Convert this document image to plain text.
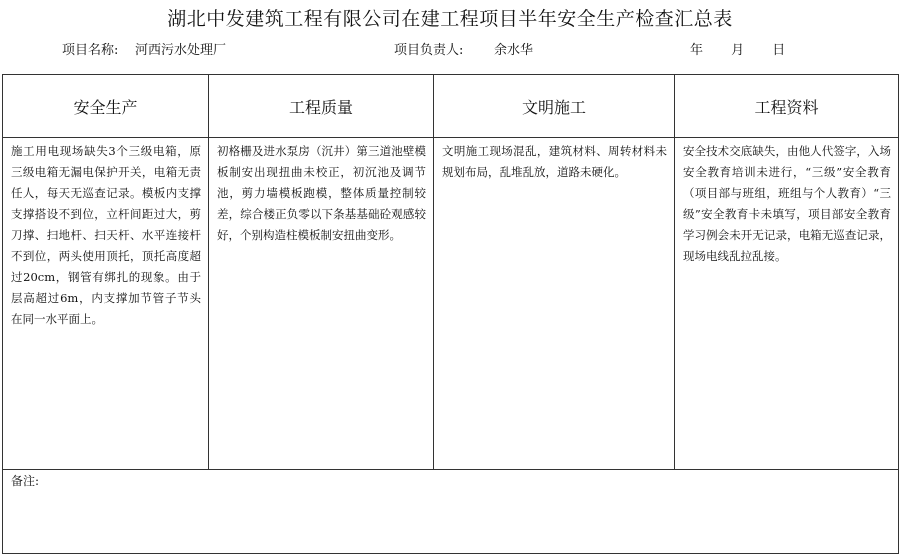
湖北中发建筑工程有限公司在建工程项目半年安全生产检查汇总表
项目名称: 河西污水处理厂	项目负责人: 余水华	年 月 日
安全生产	工程质量	文明施工	工程资料
施工用电现场缺失3个三级电箱，原三级电箱无漏电保护开关，电箱无责任人，每天无巡查记录。模板内支撑支撑搭设不到位，立杆间距过大，剪刀撑、扫地杆、扫天杆、水平连接杆不到位，两头使用顶托，顶托高度超过20cm，钢管有绑扎的现象。由于层高超过6m，内支撑加节管子节头在同一水平面上。	初格栅及进水泵房（沉井）第三道池壁模板制安出现扭曲未校正，初沉池及调节池，剪力墙模板跑模，整体质量控制较差，综合楼正负零以下条基基础砼观感较好，个别构造柱模板制安扭曲变形。	文明施工现场混乱，建筑材料、周转材料未规划布局，乱堆乱放，道路未硬化。	安全技术交底缺失，由他人代签字，入场安全教育培训未进行，“三级”安全教育（项目部与班组，班组与个人教育）“三级”安全教育卡未填写，项目部安全教育学习例会未开无记录，电箱无巡查记录，现场电线乱拉乱接。
备注:			
